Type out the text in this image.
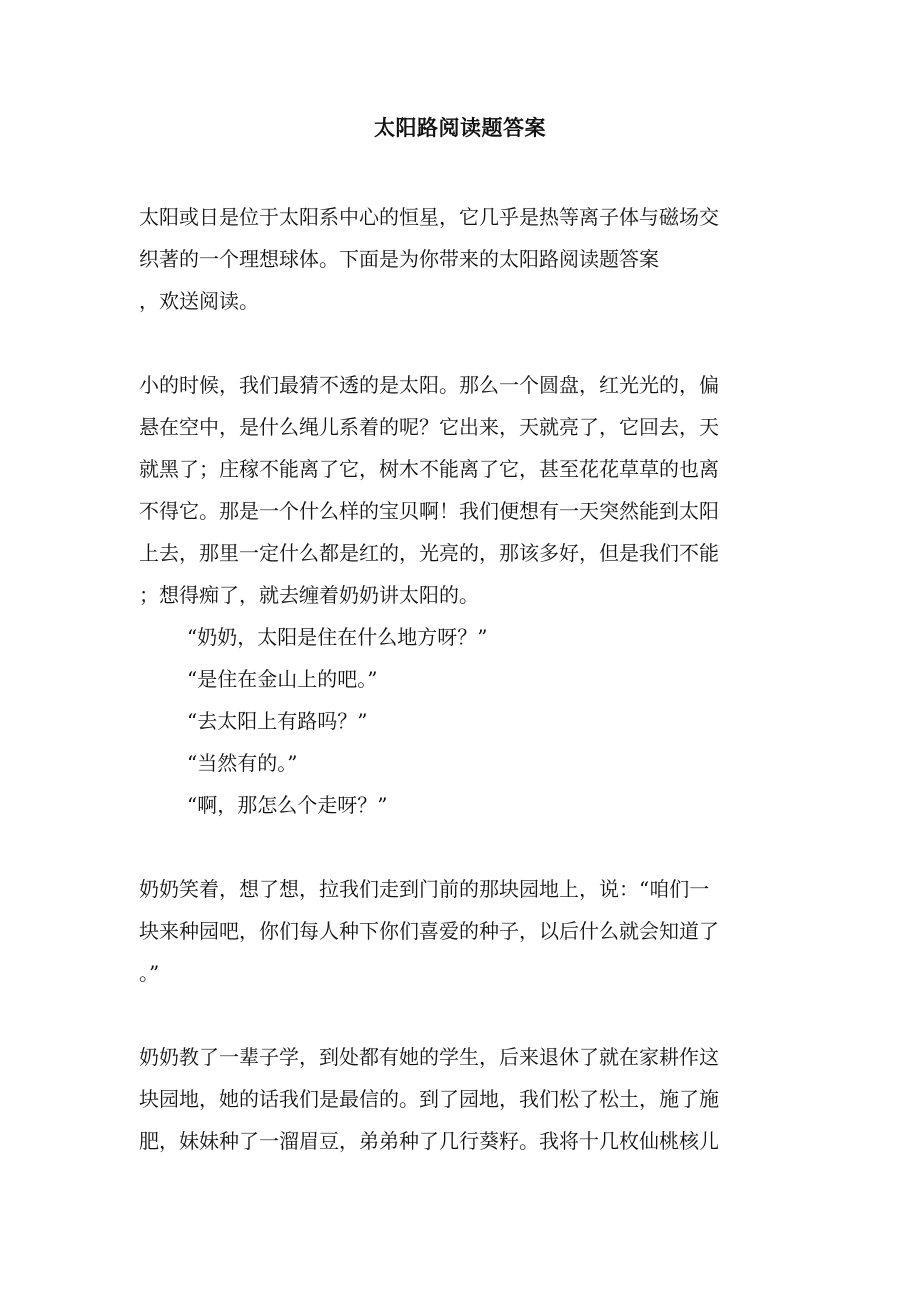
太阳路阅读题答案
太阳或日是位于太阳系中心的恒星，它几乎是热等离子体与磁场交
织著的一个理想球体。下面是为你带来的太阳路阅读题答案
，欢送阅读。
小的时候，我们最猜不透的是太阳。那么一个圆盘，红光光的，偏
悬在空中，是什么绳儿系着的呢？它出来，天就亮了，它回去，天
就黑了；庄稼不能离了它，树木不能离了它，甚至花花草草的也离
不得它。那是一个什么样的宝贝啊！我们便想有一天突然能到太阳
上去，那里一定什么都是红的，光亮的，那该多好，但是我们不能
；想得痴了，就去缠着奶奶讲太阳的。
“奶奶，太阳是住在什么地方呀？”
“是住在金山上的吧。”
“去太阳上有路吗？”
“当然有的。”
“啊，那怎么个走呀？”
奶奶笑着，想了想，拉我们走到门前的那块园地上，说：“咱们一
块来种园吧，你们每人种下你们喜爱的种子，以后什么就会知道了
。”
奶奶教了一辈子学，到处都有她的学生，后来退休了就在家耕作这
块园地，她的话我们是最信的。到了园地，我们松了松土，施了施
肥，妹妹种了一溜眉豆，弟弟种了几行葵籽。我将十几枚仙桃核儿
